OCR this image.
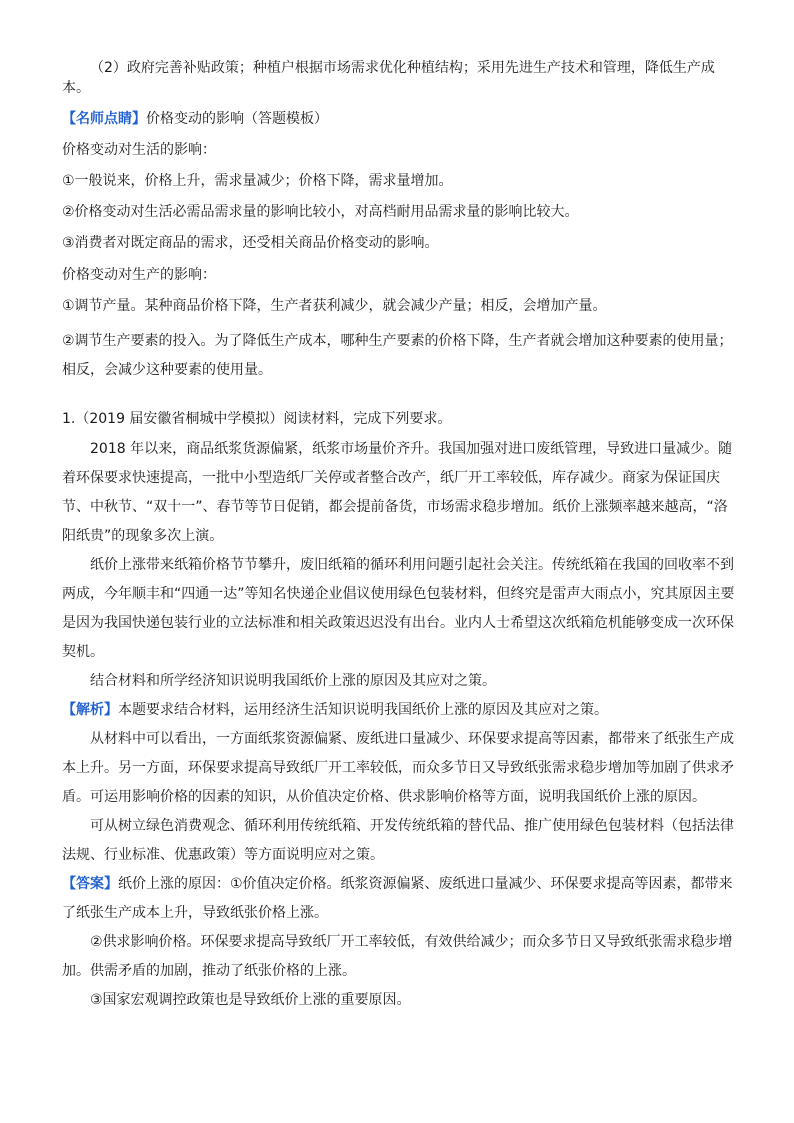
（2）政府完善补贴政策；种植户根据市场需求优化种植结构；采用先进生产技术和管理，降低生产成本。

【名师点睛】价格变动的影响（答题模板）

价格变动对生活的影响：

①一般说来，价格上升，需求量减少；价格下降，需求量增加。

②价格变动对生活必需品需求量的影响比较小，对高档耐用品需求量的影响比较大。

③消费者对既定商品的需求，还受相关商品价格变动的影响。

价格变动对生产的影响：

①调节产量。某种商品价格下降，生产者获利减少，就会减少产量；相反，会增加产量。

②调节生产要素的投入。为了降低生产成本，哪种生产要素的价格下降，生产者就会增加这种要素的使用量；相反，会减少这种要素的使用量。

1.（2019 届安徽省桐城中学模拟）阅读材料，完成下列要求。

2018 年以来，商品纸浆货源偏紧，纸浆市场量价齐升。我国加强对进口废纸管理，导致进口量减少。随着环保要求快速提高，一批中小型造纸厂关停或者整合改产，纸厂开工率较低，库存减少。商家为保证国庆节、中秋节、“双十一”、春节等节日促销，都会提前备货，市场需求稳步增加。纸价上涨频率越来越高，“洛阳纸贵”的现象多次上演。

纸价上涨带来纸箱价格节节攀升，废旧纸箱的循环利用问题引起社会关注。传统纸箱在我国的回收率不到两成，今年顺丰和“四通一达”等知名快递企业倡议使用绿色包装材料，但终究是雷声大雨点小，究其原因主要是因为我国快递包装行业的立法标准和相关政策迟迟没有出台。业内人士希望这次纸箱危机能够变成一次环保契机。

结合材料和所学经济知识说明我国纸价上涨的原因及其应对之策。

【解析】本题要求结合材料，运用经济生活知识说明我国纸价上涨的原因及其应对之策。

从材料中可以看出，一方面纸浆资源偏紧、废纸进口量减少、环保要求提高等因素，都带来了纸张生产成本上升。另一方面，环保要求提高导致纸厂开工率较低，而众多节日又导致纸张需求稳步增加等加剧了供求矛盾。可运用影响价格的因素的知识，从价值决定价格、供求影响价格等方面，说明我国纸价上涨的原因。

可从树立绿色消费观念、循环利用传统纸箱、开发传统纸箱的替代品、推广使用绿色包装材料（包括法律法规、行业标准、优惠政策）等方面说明应对之策。

【答案】纸价上涨的原因：①价值决定价格。纸浆资源偏紧、废纸进口量减少、环保要求提高等因素，都带来了纸张生产成本上升，导致纸张价格上涨。

②供求影响价格。环保要求提高导致纸厂开工率较低，有效供给减少；而众多节日又导致纸张需求稳步增加。供需矛盾的加剧，推动了纸张价格的上涨。

③国家宏观调控政策也是导致纸价上涨的重要原因。
